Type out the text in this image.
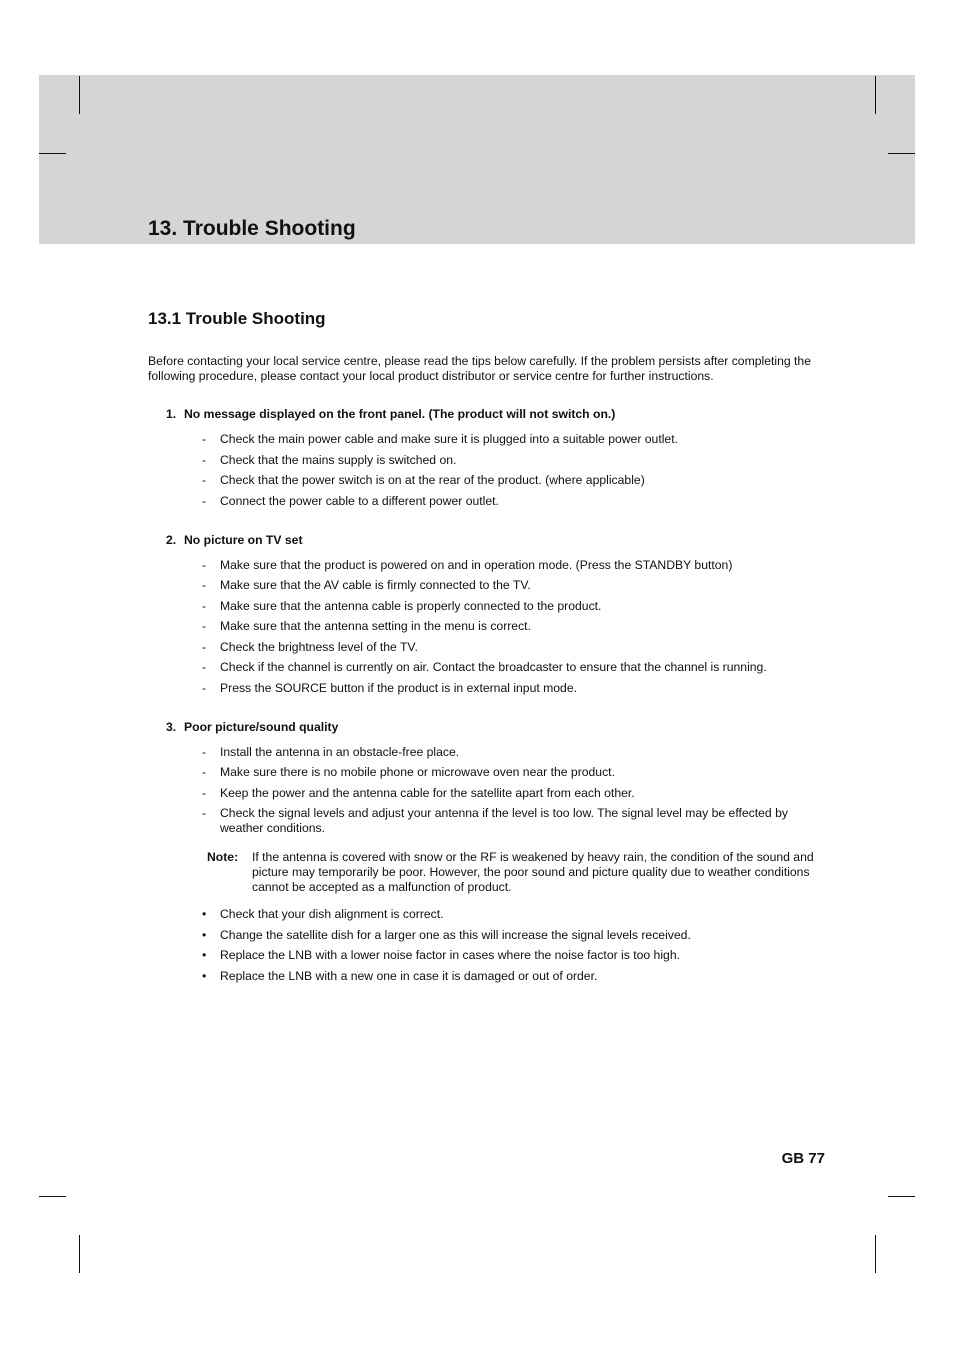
13. Trouble Shooting
13.1 Trouble Shooting

Before contacting your local service centre, please read the tips below carefully. If the problem persists after completing the following procedure, please contact your local product distributor or service centre for further instructions.

1. No message displayed on the front panel. (The product will not switch on.)

- Check the main power cable and make sure it is plugged into a suitable power outlet.
- Check that the mains supply is switched on.
- Check that the power switch is on at the rear of the product. (where applicable)
- Connect the power cable to a different power outlet.

2. No picture on TV set

- Make sure that the product is powered on and in operation mode. (Press the STANDBY button)
- Make sure that the AV cable is firmly connected to the TV.
- Make sure that the antenna cable is properly connected to the product.
- Make sure that the antenna setting in the menu is correct.
- Check the brightness level of the TV.
- Check if the channel is currently on air. Contact the broadcaster to ensure that the channel is running.
- Press the SOURCE button if the product is in external input mode.

3. Poor picture/sound quality

- Install the antenna in an obstacle-free place.
- Make sure there is no mobile phone or microwave oven near the product.
- Keep the power and the antenna cable for the satellite apart from each other.
- Check the signal levels and adjust your antenna if the level is too low. The signal level may be effected by weather conditions.
Note: If the antenna is covered with snow or the RF is weakened by heavy rain, the condition of the sound and picture may temporarily be poor. However, the poor sound and picture quality due to weather conditions cannot be accepted as a malfunction of product.
• Check that your dish alignment is correct.
• Change the satellite dish for a larger one as this will increase the signal levels received.
• Replace the LNB with a lower noise factor in cases where the noise factor is too high.
• Replace the LNB with a new one in case it is damaged or out of order.
GB 77
